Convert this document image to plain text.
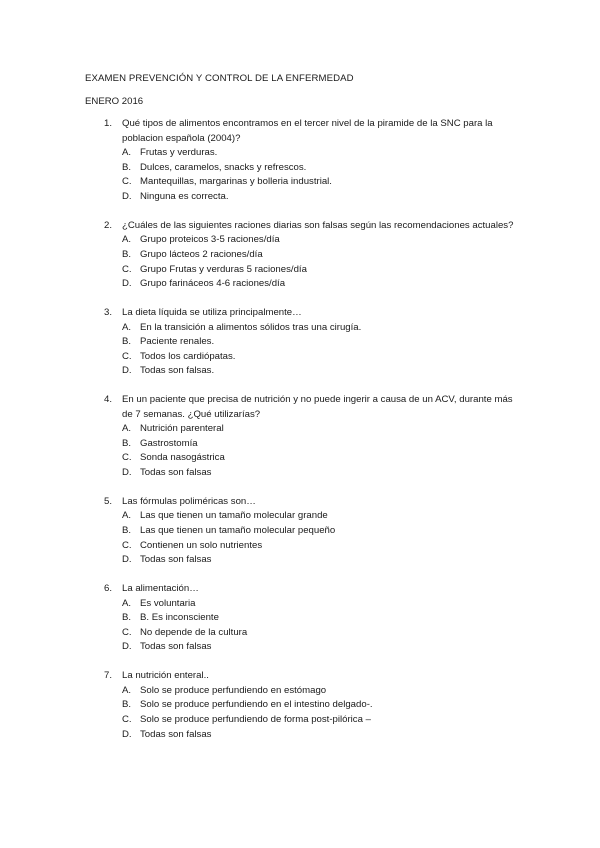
EXAMEN PREVENCIÓN Y CONTROL DE LA ENFERMEDAD
ENERO 2016
1. Qué tipos de alimentos encontramos en el tercer nivel de la piramide de la SNC para la poblacion española (2004)?
A. Frutas y verduras.
B. Dulces, caramelos, snacks y refrescos.
C. Mantequillas, margarinas y bolleria industrial.
D. Ninguna es correcta.
2. ¿Cuáles de las siguientes raciones diarias son falsas según las recomendaciones actuales?
A. Grupo proteicos 3-5 raciones/día
B. Grupo lácteos 2 raciones/día
C. Grupo Frutas y verduras 5 raciones/día
D. Grupo farináceos 4-6 raciones/día
3. La dieta líquida se utiliza principalmente…
A. En la transición a alimentos sólidos tras una cirugía.
B. Paciente renales.
C. Todos los cardiópatas.
D. Todas son falsas.
4. En un paciente que precisa de nutrición y no puede ingerir a causa de un ACV, durante más de 7 semanas. ¿Qué utilizarías?
A. Nutrición parenteral
B. Gastrostomía
C. Sonda nasogástrica
D. Todas son falsas
5. Las fórmulas poliméricas son…
A. Las que tienen un tamaño molecular grande
B. Las que tienen un tamaño molecular pequeño
C. Contienen un solo nutrientes
D. Todas son falsas
6. La alimentación…
A. Es voluntaria
B. B. Es inconsciente
C. No depende de la cultura
D. Todas son falsas
7. La nutrición enteral..
A. Solo se produce perfundiendo en estómago
B. Solo se produce perfundiendo en el intestino delgado-.
C. Solo se produce perfundiendo de forma post-pilórica –
D. Todas son falsas
